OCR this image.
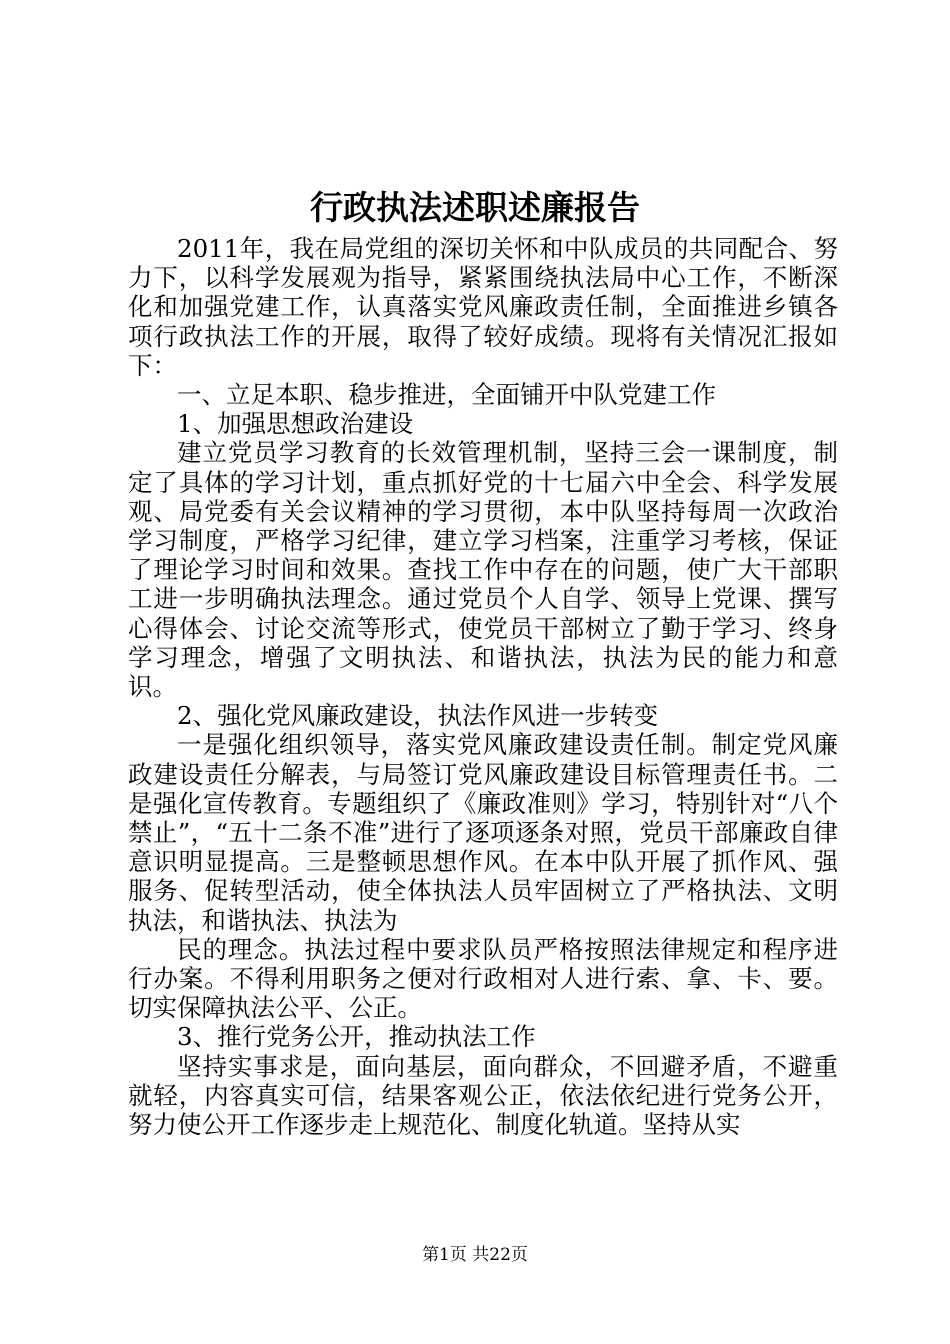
行政执法述职述廉报告

2011年，我在局党组的深切关怀和中队成员的共同配合、努力下，以科学发展观为指导，紧紧围绕执法局中心工作，不断深化和加强党建工作，认真落实党风廉政责任制，全面推进乡镇各项行政执法工作的开展，取得了较好成绩。现将有关情况汇报如下：

一、立足本职、稳步推进，全面铺开中队党建工作

1、加强思想政治建设

建立党员学习教育的长效管理机制，坚持三会一课制度，制定了具体的学习计划，重点抓好党的十七届六中全会、科学发展观、局党委有关会议精神的学习贯彻，本中队坚持每周一次政治学习制度，严格学习纪律，建立学习档案，注重学习考核，保证了理论学习时间和效果。查找工作中存在的问题，使广大干部职工进一步明确执法理念。通过党员个人自学、领导上党课、撰写心得体会、讨论交流等形式，使党员干部树立了勤于学习、终身学习理念，增强了文明执法、和谐执法，执法为民的能力和意识。

2、强化党风廉政建设，执法作风进一步转变

一是强化组织领导，落实党风廉政建设责任制。制定党风廉政建设责任分解表，与局签订党风廉政建设目标管理责任书。二是强化宣传教育。专题组织了《廉政准则》学习，特别针对“八个禁止”，“五十二条不准”进行了逐项逐条对照，党员干部廉政自律意识明显提高。三是整顿思想作风。在本中队开展了抓作风、强服务、促转型活动，使全体执法人员牢固树立了严格执法、文明执法，和谐执法、执法为

民的理念。执法过程中要求队员严格按照法律规定和程序进行办案。不得利用职务之便对行政相对人进行索、拿、卡、要。切实保障执法公平、公正。

3、推行党务公开，推动执法工作

坚持实事求是，面向基层，面向群众，不回避矛盾，不避重就轻，内容真实可信，结果客观公正，依法依纪进行党务公开，努力使公开工作逐步走上规范化、制度化轨道。坚持从实

第1页 共22页
